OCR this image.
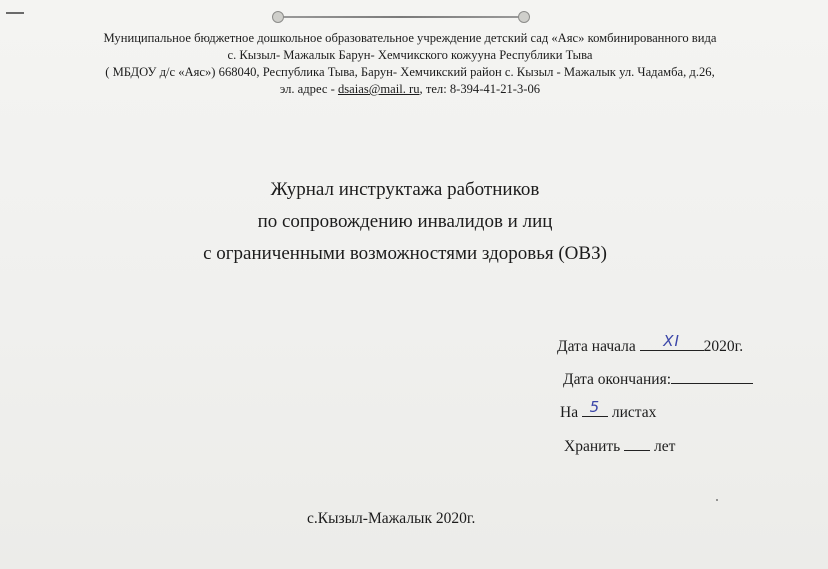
Муниципальное бюджетное дошкольное образовательное учреждение детский сад «Аяс» комбинированного вида
с. Кызыл- Мажалык Барун- Хемчикского кожууна Республики Тыва
( МБДОУ д/с «Аяс») 668040, Республика Тыва, Барун- Хемчикский район с. Кызыл - Мажалык ул. Чадамба, д.26,
эл. адрес - dsaias@mail. ru, тел: 8-394-41-21-3-06
Журнал инструктажа работников
по сопровождению инвалидов и лиц
с ограниченными возможностями здоровья (ОВЗ)
Дата начала	XI	2020г.
Дата окончания:
На 5 листах
Хранить  лет
с.Кызыл-Мажалык 2020г.
